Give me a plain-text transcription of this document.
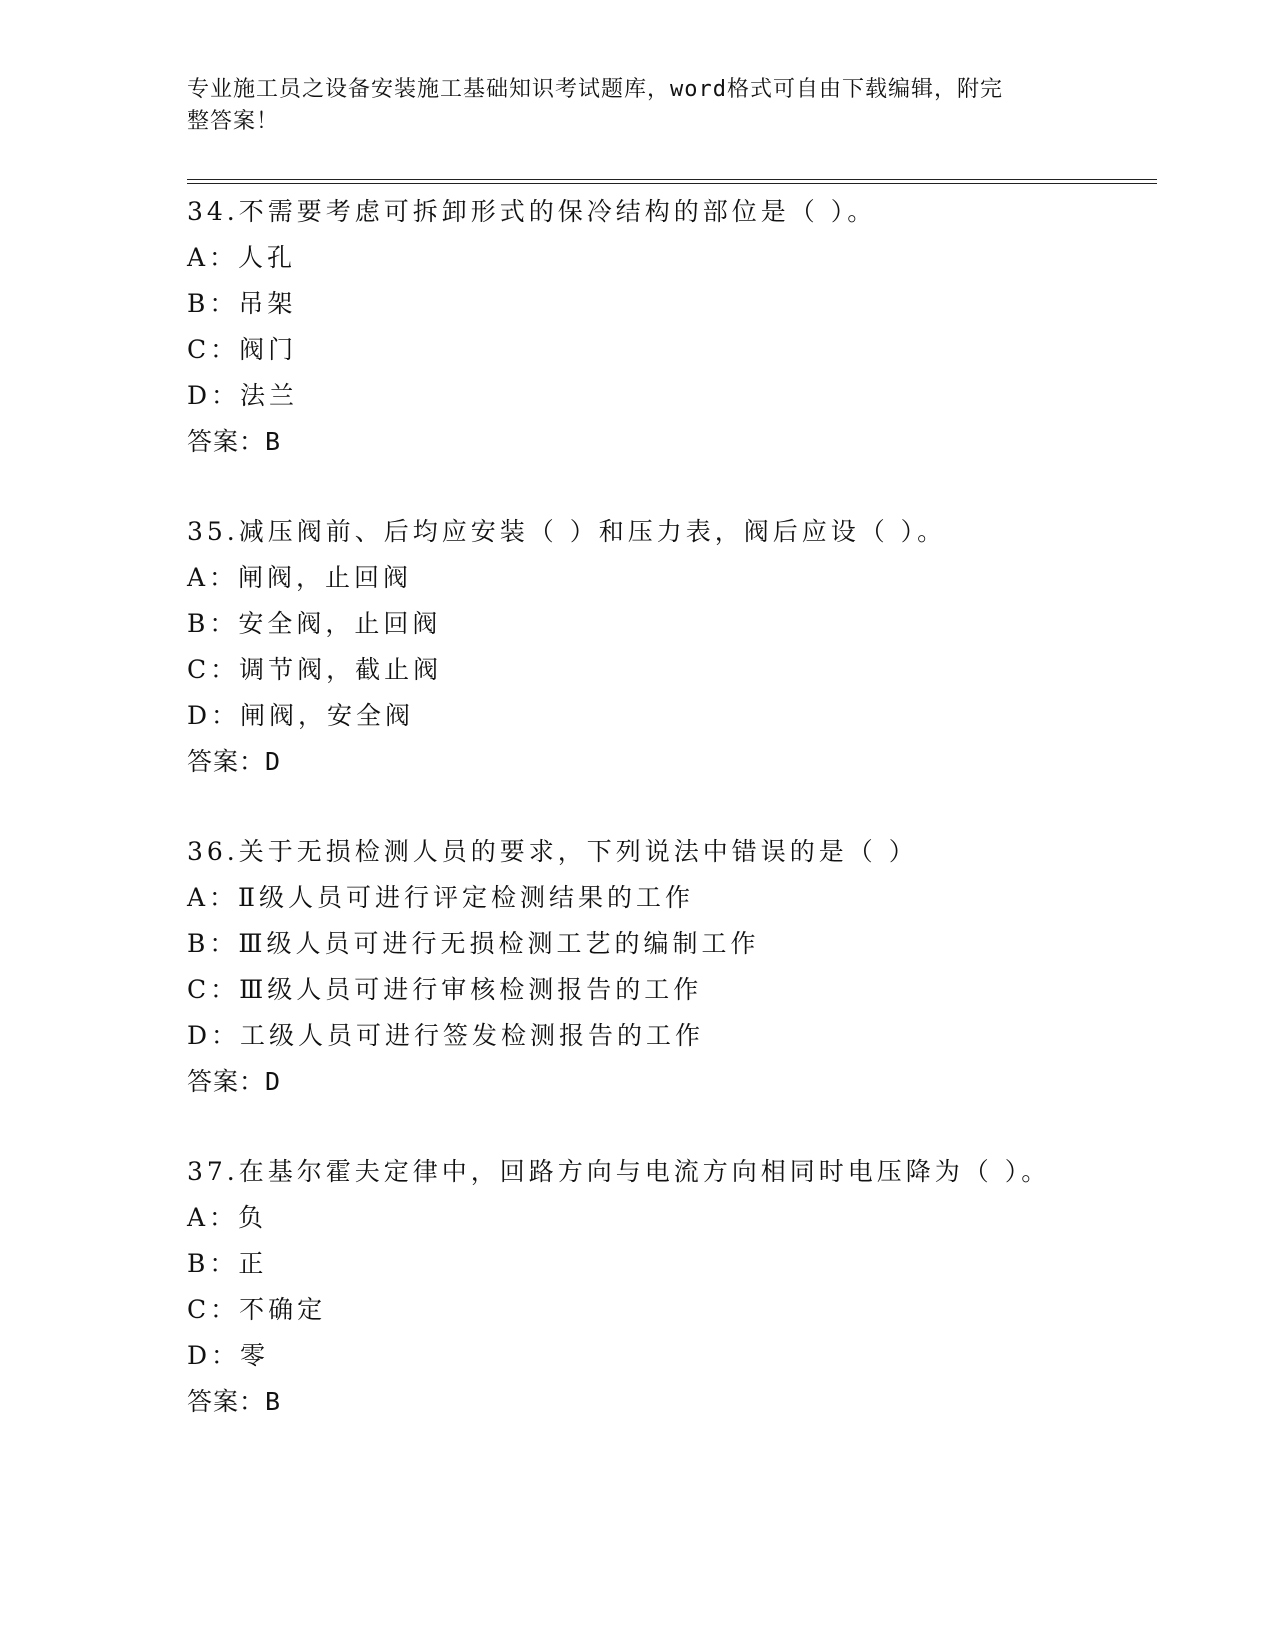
专业施工员之设备安装施工基础知识考试题库，word格式可自由下载编辑，附完
整答案！
34.不需要考虑可拆卸形式的保冷结构的部位是（ ）。
A：人孔
B：吊架
C：阀门
D：法兰
答案：B
35.减压阀前、后均应安装（ ）和压力表，阀后应设（ ）。
A：闸阀，止回阀
B：安全阀，止回阀
C：调节阀，截止阀
D：闸阀，安全阀
答案：D
36.关于无损检测人员的要求，下列说法中错误的是（ ）
A：Ⅱ级人员可进行评定检测结果的工作
B：Ⅲ级人员可进行无损检测工艺的编制工作
C：Ⅲ级人员可进行审核检测报告的工作
D：工级人员可进行签发检测报告的工作
答案：D
37.在基尔霍夫定律中，回路方向与电流方向相同时电压降为（ ）。
A：负
B：正
C：不确定
D：零
答案：B
